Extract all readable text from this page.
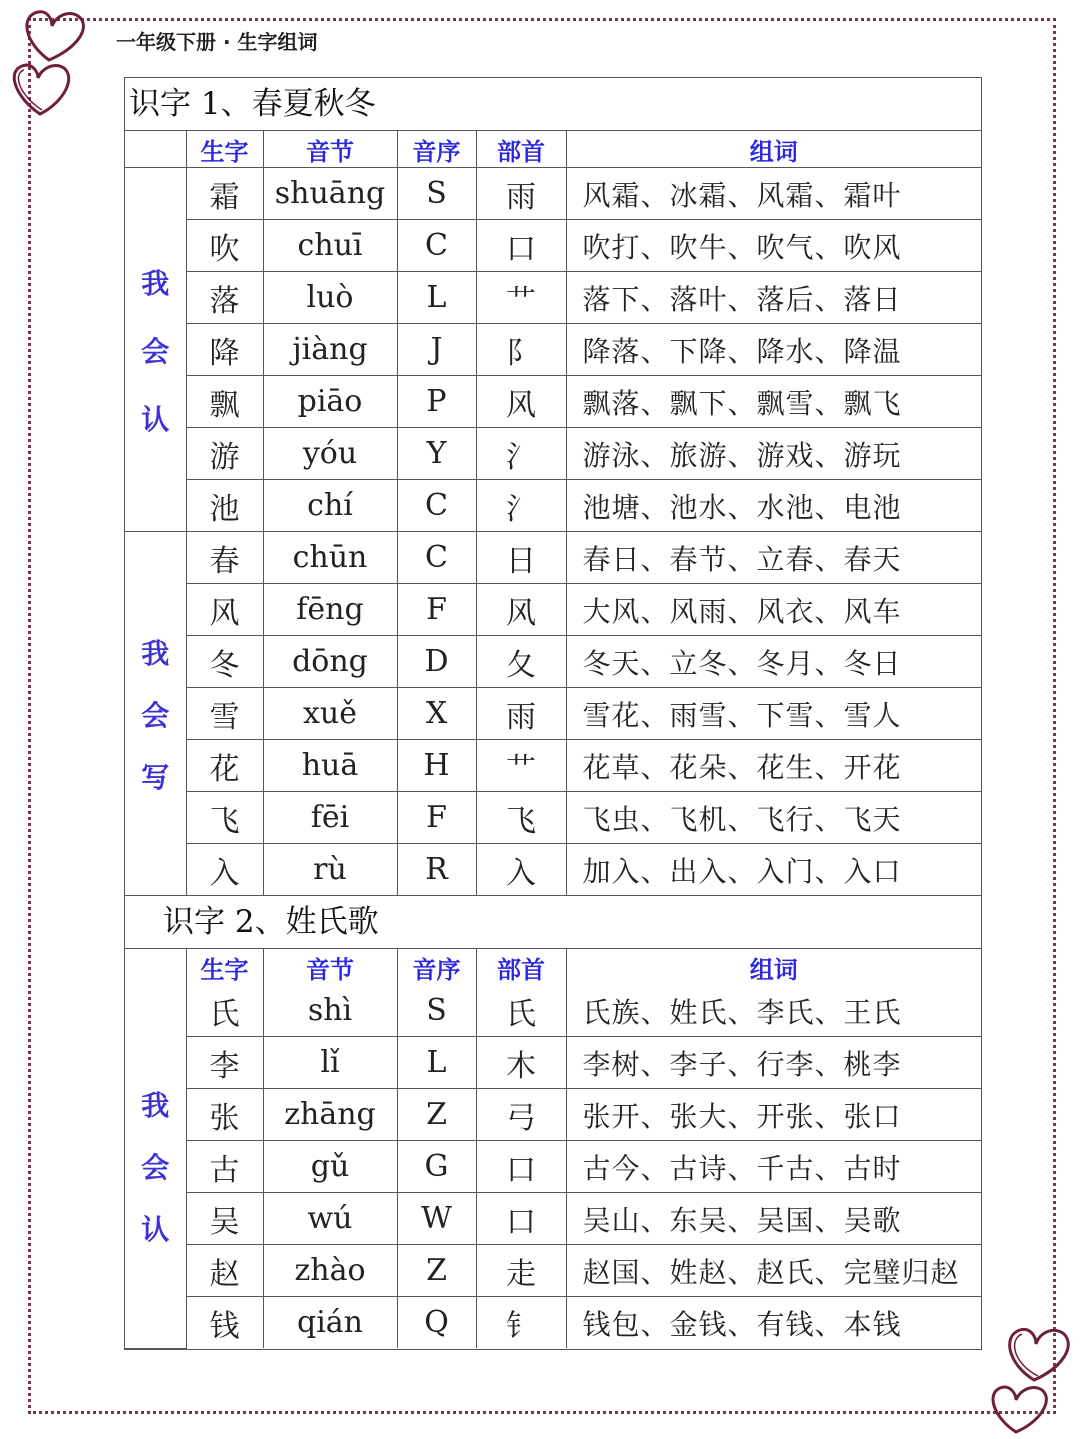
一年级下册 · 生字组词
识字 1、春夏秋冬
	生字	音节	音序	部首	组词

我
会
认	霜	shuāng	S	雨	风霜、冰霜、风霜、霜叶
	吹	chuī	C	口	吹打、吹牛、吹气、吹风
	落	luò	L	艹	落下、落叶、落后、落日
	降	jiàng	J	阝	降落、下降、降水、降温
	飘	piāo	P	风	飘落、飘下、飘雪、飘飞
	游	yóu	Y	氵	游泳、旅游、游戏、游玩
	池	chí	C	氵	池塘、池水、水池、电池

我
会
写	春	chūn	C	日	春日、春节、立春、春天
	风	fēng	F	风	大风、风雨、风衣、风车
	冬	dōng	D	夂	冬天、立冬、冬月、冬日
	雪	xuě	X	雨	雪花、雨雪、下雪、雪人
	花	huā	H	艹	花草、花朵、花生、开花
	飞	fēi	F	飞	飞虫、飞机、飞行、飞天
	入	rù	R	入	加入、出入、入门、入口
识字 2、姓氏歌
	生字	音节	音序	部首	组词

我
会
认	氏	shì	S	氏	氏族、姓氏、李氏、王氏
	李	lǐ	L	木	李树、李子、行李、桃李
	张	zhāng	Z	弓	张开、张大、开张、张口
	古	gǔ	G	口	古今、古诗、千古、古时
	吴	wú	W	口	吴山、东吴、吴国、吴歌
	赵	zhào	Z	走	赵国、姓赵、赵氏、完璧归赵
	钱	qián	Q	钅	钱包、金钱、有钱、本钱
